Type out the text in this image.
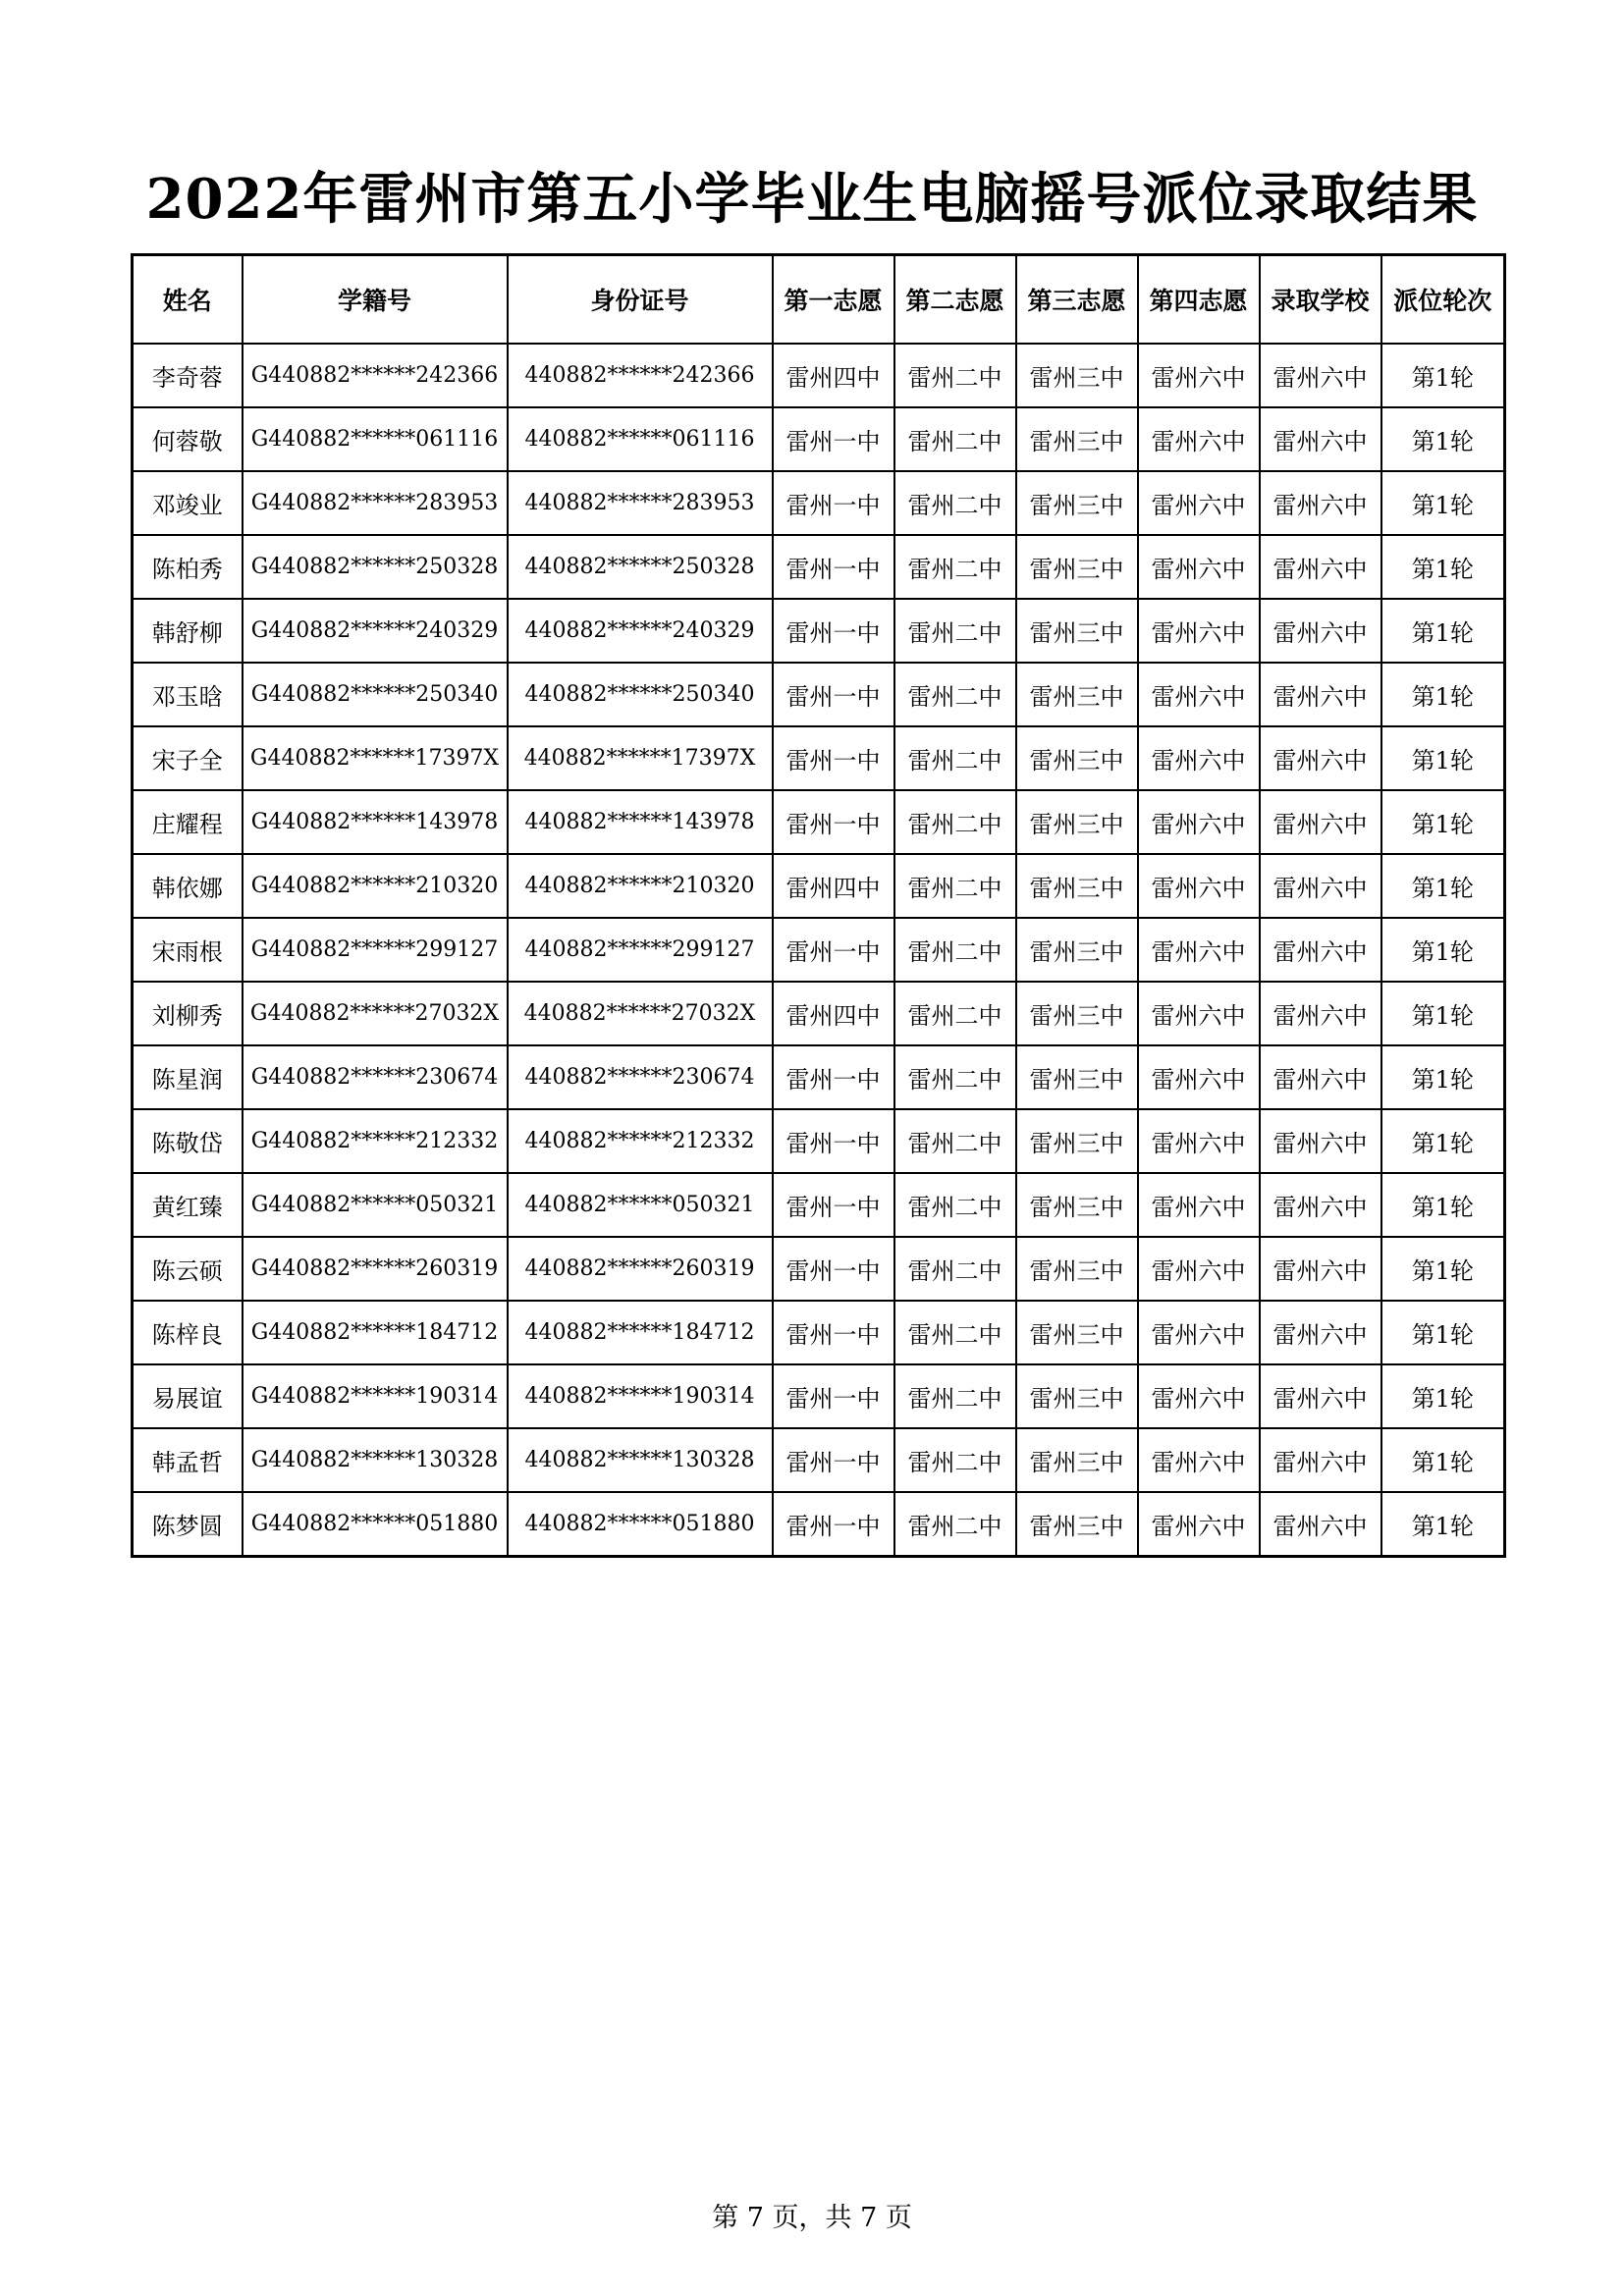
2022年雷州市第五小学毕业生电脑摇号派位录取结果
姓名	学籍号	身份证号	第一志愿	第二志愿	第三志愿	第四志愿	录取学校	派位轮次
李奇蓉	G440882******242366	440882******242366	雷州四中	雷州二中	雷州三中	雷州六中	雷州六中	第1轮
何蓉敬	G440882******061116	440882******061116	雷州一中	雷州二中	雷州三中	雷州六中	雷州六中	第1轮
邓竣业	G440882******283953	440882******283953	雷州一中	雷州二中	雷州三中	雷州六中	雷州六中	第1轮
陈柏秀	G440882******250328	440882******250328	雷州一中	雷州二中	雷州三中	雷州六中	雷州六中	第1轮
韩舒柳	G440882******240329	440882******240329	雷州一中	雷州二中	雷州三中	雷州六中	雷州六中	第1轮
邓玉晗	G440882******250340	440882******250340	雷州一中	雷州二中	雷州三中	雷州六中	雷州六中	第1轮
宋子全	G440882******17397X	440882******17397X	雷州一中	雷州二中	雷州三中	雷州六中	雷州六中	第1轮
庄耀程	G440882******143978	440882******143978	雷州一中	雷州二中	雷州三中	雷州六中	雷州六中	第1轮
韩依娜	G440882******210320	440882******210320	雷州四中	雷州二中	雷州三中	雷州六中	雷州六中	第1轮
宋雨根	G440882******299127	440882******299127	雷州一中	雷州二中	雷州三中	雷州六中	雷州六中	第1轮
刘柳秀	G440882******27032X	440882******27032X	雷州四中	雷州二中	雷州三中	雷州六中	雷州六中	第1轮
陈星润	G440882******230674	440882******230674	雷州一中	雷州二中	雷州三中	雷州六中	雷州六中	第1轮
陈敬岱	G440882******212332	440882******212332	雷州一中	雷州二中	雷州三中	雷州六中	雷州六中	第1轮
黄红臻	G440882******050321	440882******050321	雷州一中	雷州二中	雷州三中	雷州六中	雷州六中	第1轮
陈云硕	G440882******260319	440882******260319	雷州一中	雷州二中	雷州三中	雷州六中	雷州六中	第1轮
陈梓良	G440882******184712	440882******184712	雷州一中	雷州二中	雷州三中	雷州六中	雷州六中	第1轮
易展谊	G440882******190314	440882******190314	雷州一中	雷州二中	雷州三中	雷州六中	雷州六中	第1轮
韩孟哲	G440882******130328	440882******130328	雷州一中	雷州二中	雷州三中	雷州六中	雷州六中	第1轮
陈梦圆	G440882******051880	440882******051880	雷州一中	雷州二中	雷州三中	雷州六中	雷州六中	第1轮
第 7 页，共 7 页
